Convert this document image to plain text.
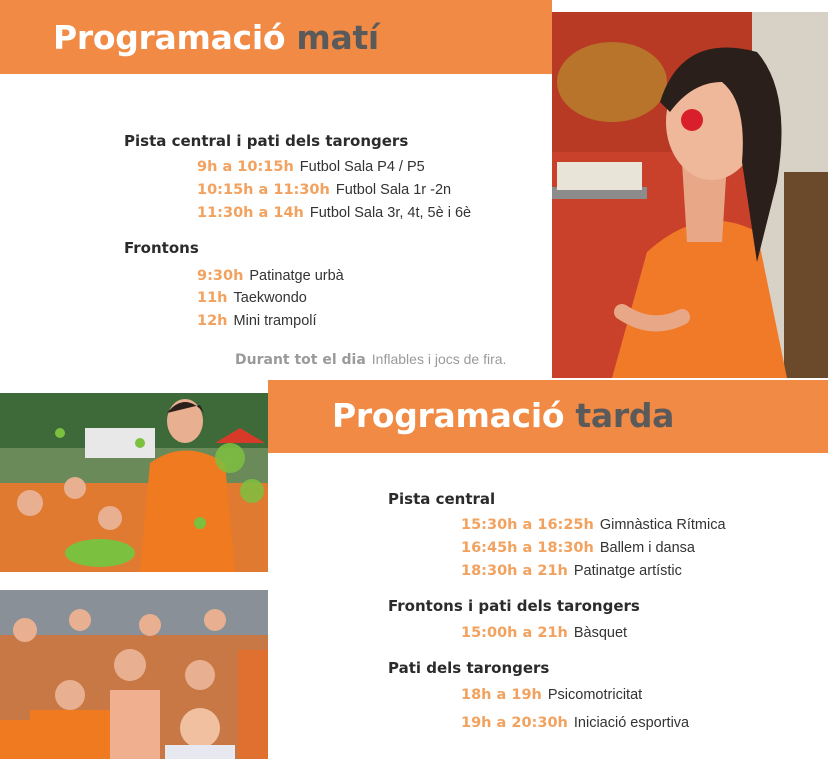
Programació matí
Pista central i pati dels tarongers
9h a 10:15h Futbol Sala P4 / P5
10:15h a 11:30h Futbol Sala 1r -2n
11:30h a 14h Futbol Sala 3r, 4t, 5è i 6è
Frontons
9:30h Patinatge urbà
11h Taekwondo
12h Mini trampolí
Durant tot el dia Inflables i jocs de fira.
Programació tarda
Pista central
15:30h a 16:25h Gimnàstica Rítmica
16:45h a 18:30h Ballem i dansa
18:30h a 21h Patinatge artístic
Frontons i pati dels tarongers
15:00h a 21h Bàsquet
Pati dels tarongers
18h a 19h Psicomotricitat
19h a 20:30h Iniciació esportiva
